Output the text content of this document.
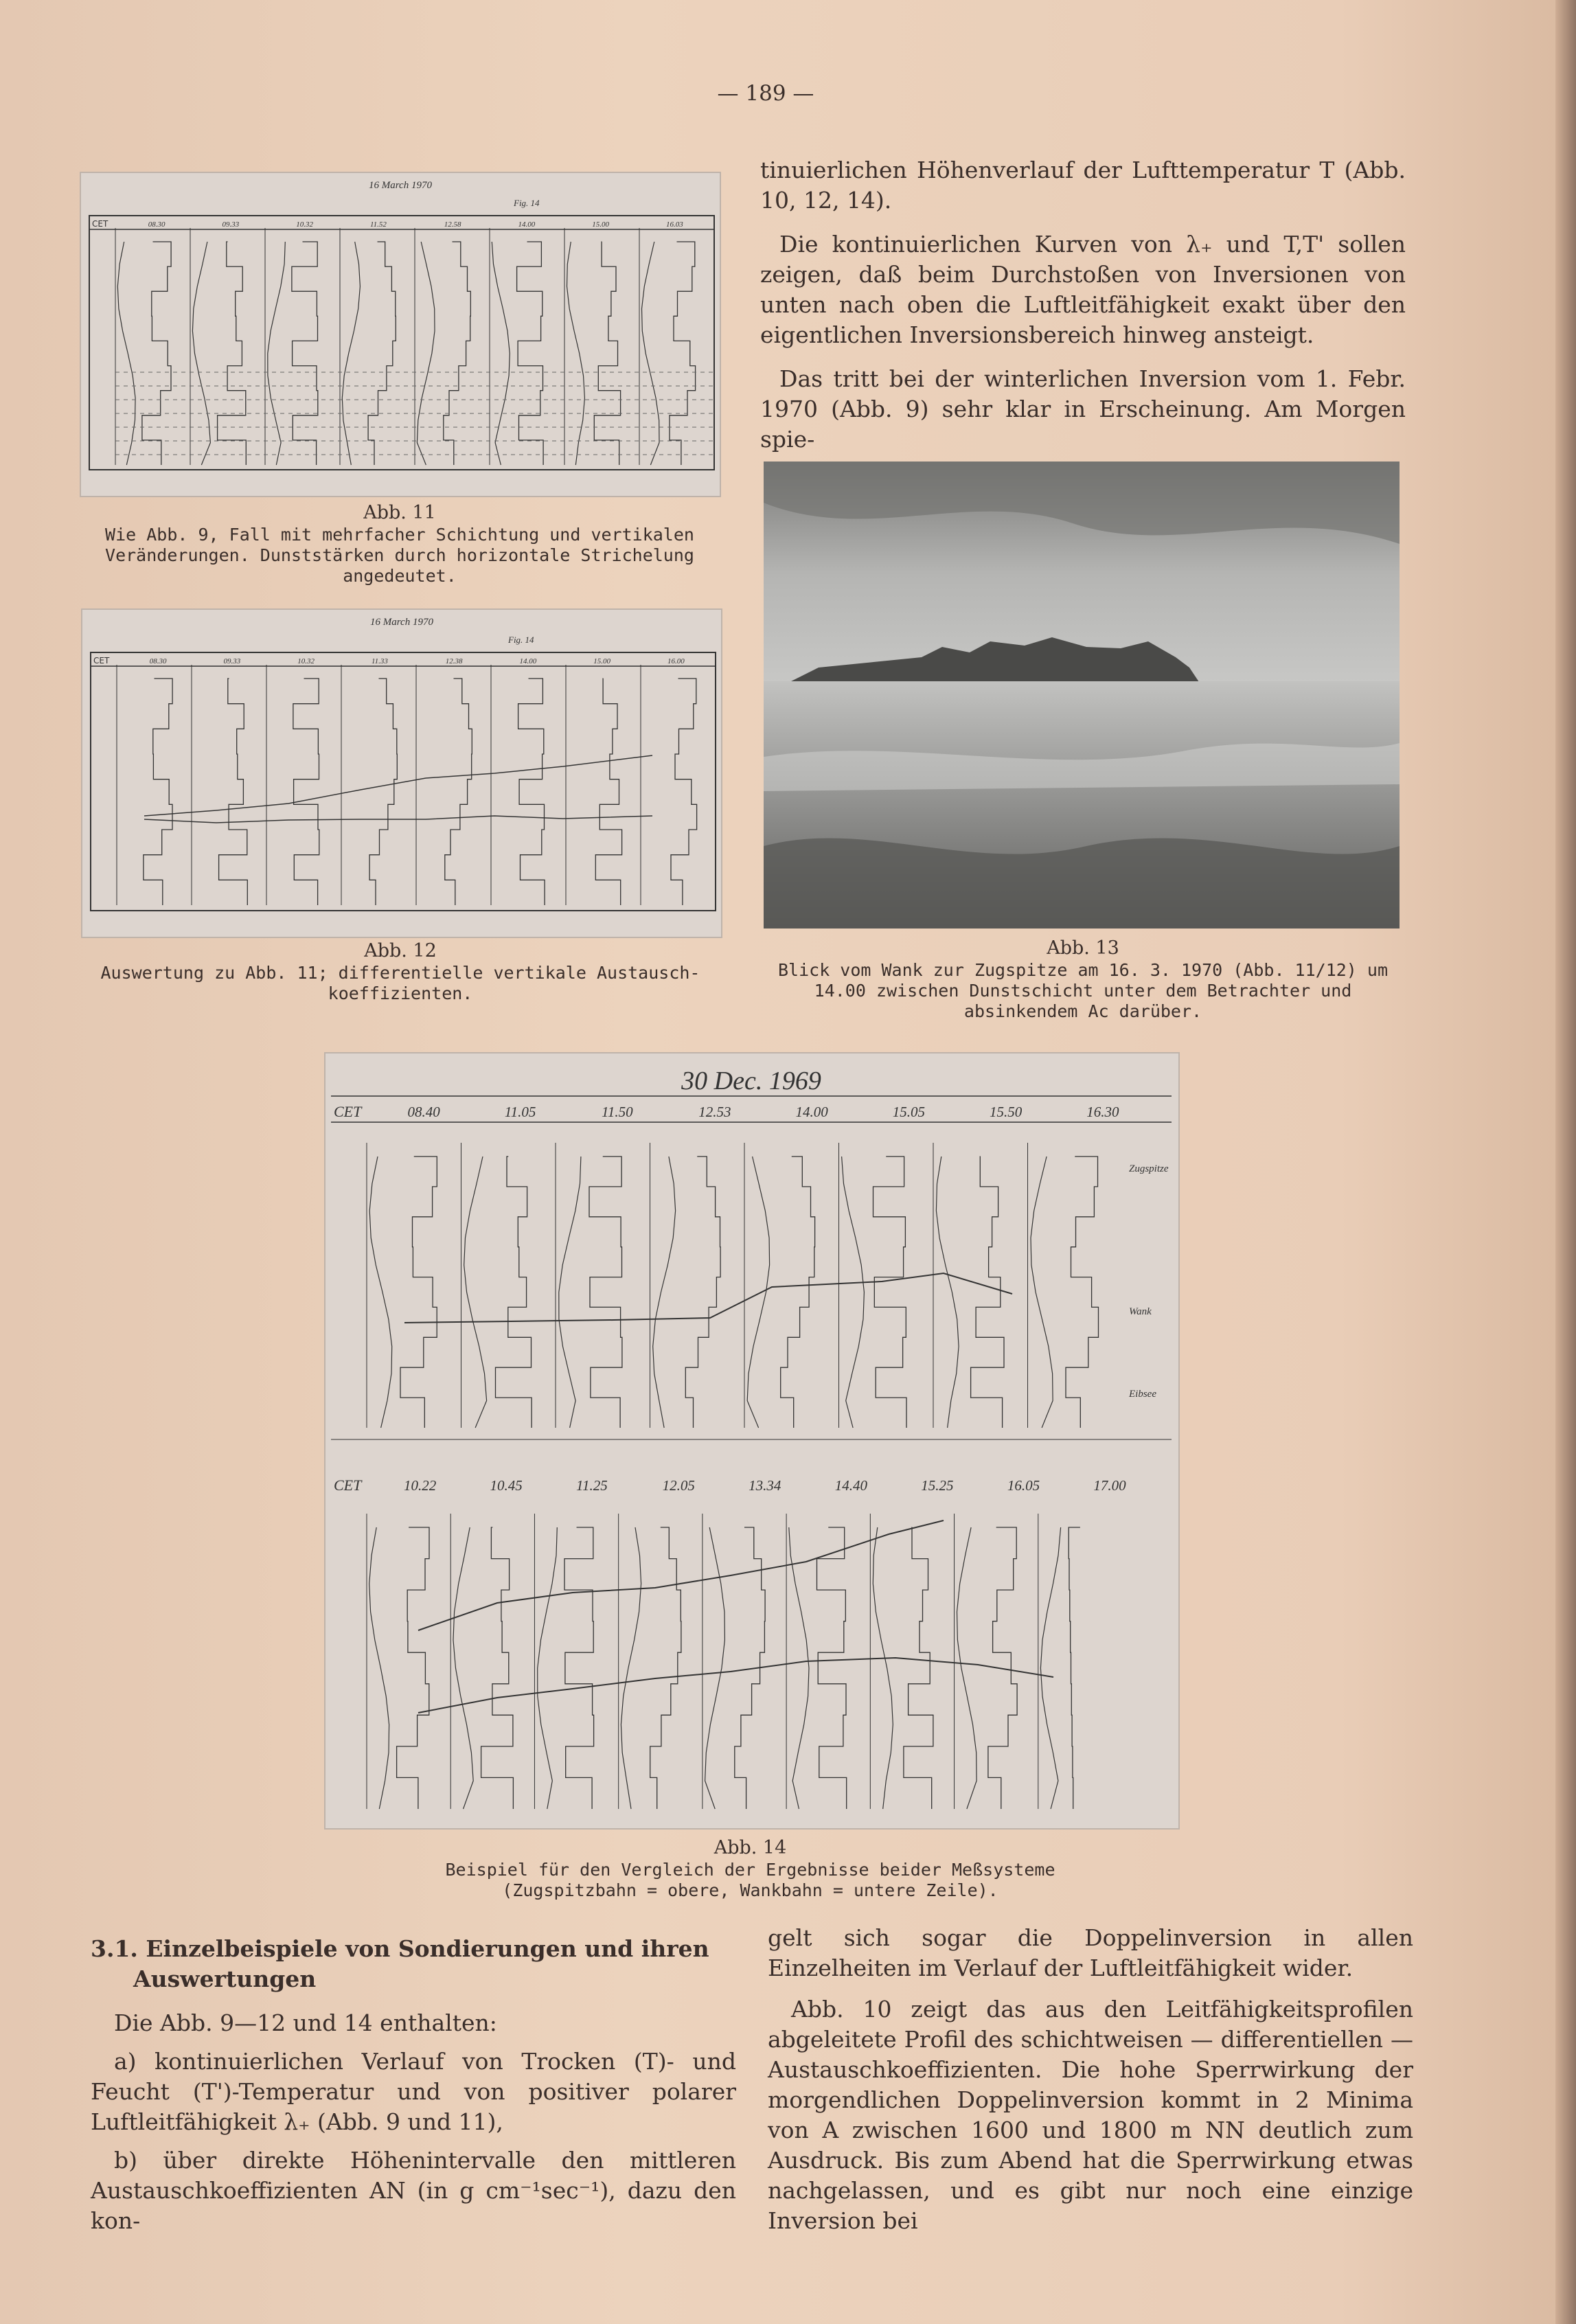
— 189 —

tinuierlichen Höhenverlauf der Lufttemperatur T (Abb. 10, 12, 14).

Die kontinuierlichen Kurven von λ₊ und T,T' sollen zeigen, daß beim Durchstoßen von Inversionen von unten nach oben die Luftleitfähigkeit exakt über den eigentlichen Inversionsbereich hinweg ansteigt.

Das tritt bei der winterlichen Inversion vom 1. Febr. 1970 (Abb. 9) sehr klar in Erscheinung. Am Morgen spie-

16 March 1970
Fig. 14
CET	08.30	09.33	10.32	11.52	12.58	14.00	15.00	16.03
Abb. 11
Wie Abb. 9, Fall mit mehrfacher Schichtung und vertikalen Veränderungen. Dunststärken durch horizontale Strichelung angedeutet.
16 March 1970
Fig. 14
CET	08.30	09.33	10.32	11.33	12.38	14.00	15.00	16.00
Abb. 12
Auswertung zu Abb. 11; differentielle vertikale Austausch-koeffizienten.
Abb. 13
Blick vom Wank zur Zugspitze am 16. 3. 1970 (Abb. 11/12) um 14.00 zwischen Dunstschicht unter dem Betrachter und absinkendem Ac darüber.
30 Dec. 1969
CET	08.40	11.05	11.50	12.53	14.00	15.05	15.50	16.30
Zugspitze
Wank
Eibsee
CET	10.22	10.45	11.25	12.05	13.34	14.40	15.25	16.05	17.00
Abb. 14
Beispiel für den Vergleich der Ergebnisse beider Meßsysteme (Zugspitzbahn = obere, Wankbahn = untere Zeile).

3.1. Einzelbeispiele von Sondierungen und ihren Auswertungen

Die Abb. 9—12 und 14 enthalten:

a) kontinuierlichen Verlauf von Trocken (T)- und Feucht (T')-Temperatur und von positiver polarer Luftleitfähigkeit λ₊ (Abb. 9 und 11),

b) über direkte Höhenintervalle den mittleren Austauschkoeffizienten AN (in g cm⁻¹sec⁻¹), dazu den kon-

gelt sich sogar die Doppelinversion in allen Einzelheiten im Verlauf der Luftleitfähigkeit wider.

Abb. 10 zeigt das aus den Leitfähigkeitsprofilen abgeleitete Profil des schichtweisen — differentiellen — Austauschkoeffizienten. Die hohe Sperrwirkung der morgendlichen Doppelinversion kommt in 2 Minima von A zwischen 1600 und 1800 m NN deutlich zum Ausdruck. Bis zum Abend hat die Sperrwirkung etwas nachgelassen, und es gibt nur noch eine einzige Inversion bei
